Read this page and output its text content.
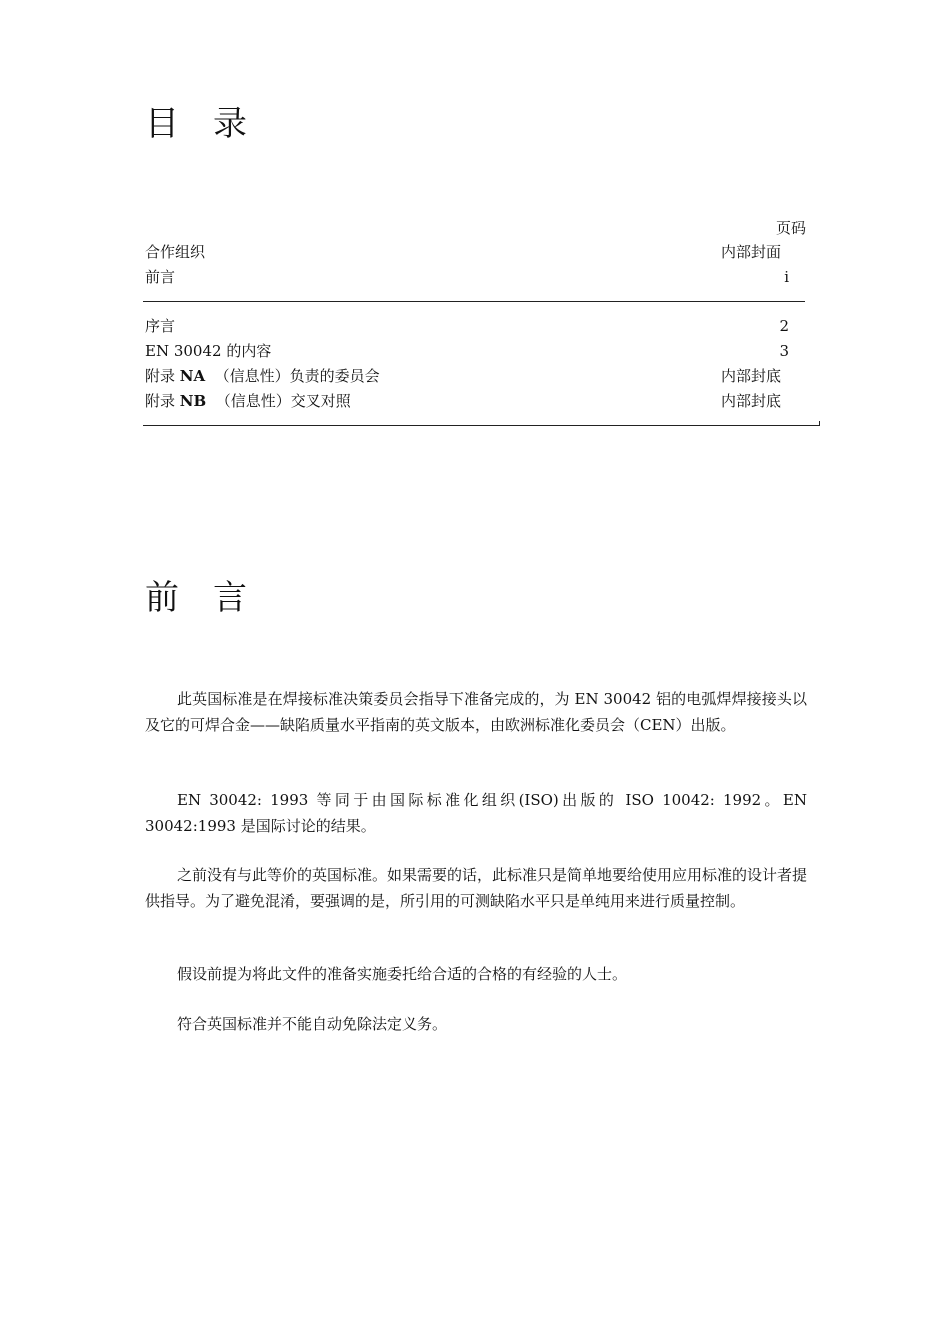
目录
页码
合作组织	内部封面
前言	i
序言	2
EN 30042 的内容	3
附录 NA  （信息性）负责的委员会	内部封底
附录 NB  （信息性）交叉对照	内部封底
前言

此英国标准是在焊接标准决策委员会指导下准备完成的，为 EN 30042 铝的电弧焊焊接接头以及它的可焊合金——缺陷质量水平指南的英文版本，由欧洲标准化委员会（CEN）出版。

EN 30042: 1993 等同于由国际标准化组织(ISO)出版的 ISO 10042: 1992。EN 30042:1993 是国际讨论的结果。

之前没有与此等价的英国标准。如果需要的话，此标准只是简单地要给使用应用标准的设计者提供指导。为了避免混淆，要强调的是，所引用的可测缺陷水平只是单纯用来进行质量控制。

假设前提为将此文件的准备实施委托给合适的合格的有经验的人士。

符合英国标准并不能自动免除法定义务。
